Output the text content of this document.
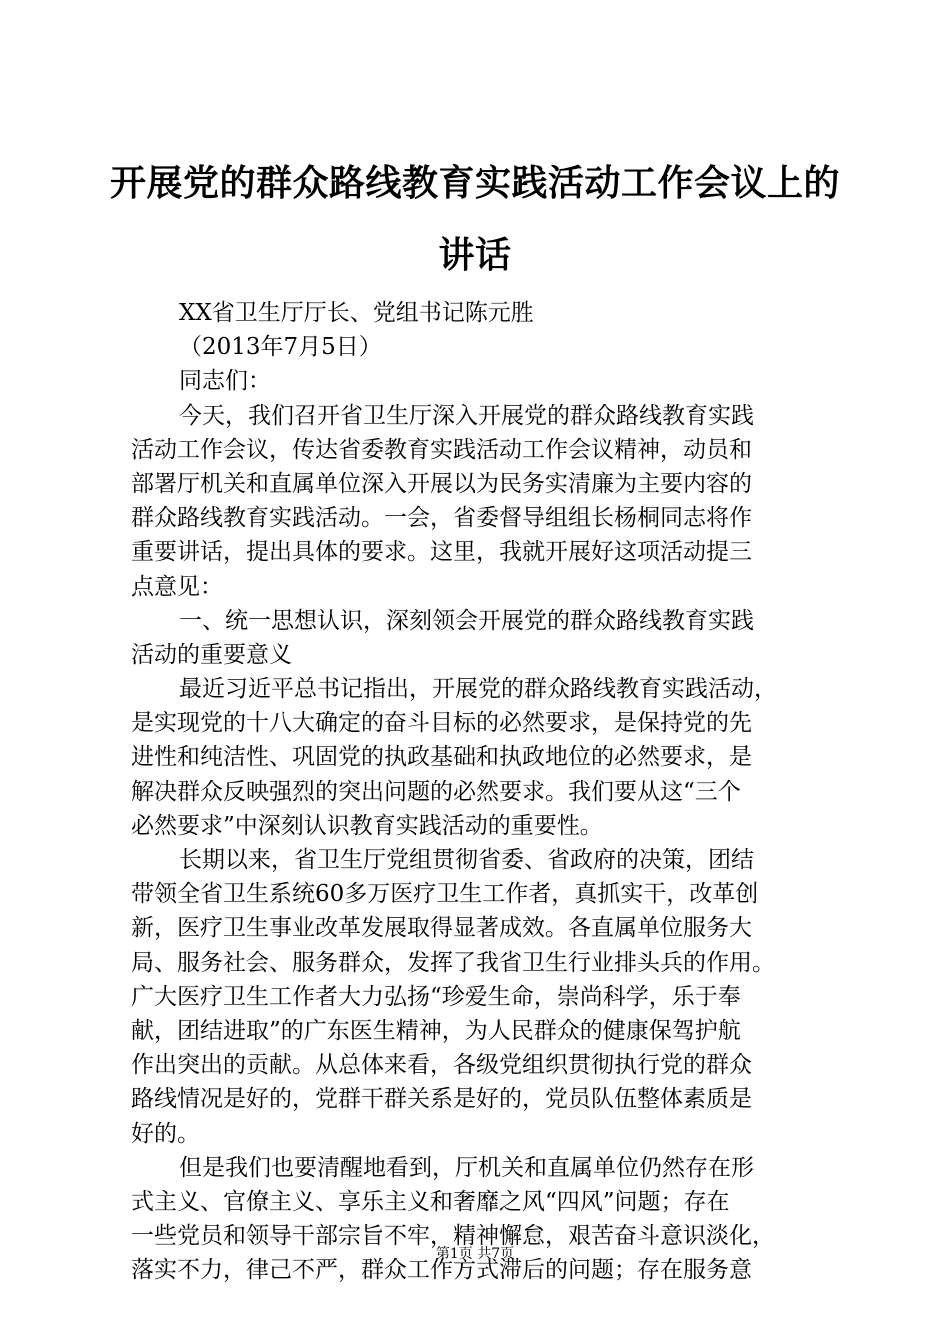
开展党的群众路线教育实践活动工作会议上的
讲话
XX省卫生厅厅长、党组书记陈元胜
（2013年7月5日）
同志们：
今天，我们召开省卫生厅深入开展党的群众路线教育实践
活动工作会议，传达省委教育实践活动工作会议精神，动员和
部署厅机关和直属单位深入开展以为民务实清廉为主要内容的
群众路线教育实践活动。一会，省委督导组组长杨桐同志将作
重要讲话，提出具体的要求。这里，我就开展好这项活动提三
点意见：
一、统一思想认识，深刻领会开展党的群众路线教育实践
活动的重要意义
最近习近平总书记指出，开展党的群众路线教育实践活动，
是实现党的十八大确定的奋斗目标的必然要求，是保持党的先
进性和纯洁性、巩固党的执政基础和执政地位的必然要求，是
解决群众反映强烈的突出问题的必然要求。我们要从这“三个
必然要求”中深刻认识教育实践活动的重要性。
长期以来，省卫生厅党组贯彻省委、省政府的决策，团结
带领全省卫生系统60多万医疗卫生工作者，真抓实干，改革创
新，医疗卫生事业改革发展取得显著成效。各直属单位服务大
局、服务社会、服务群众，发挥了我省卫生行业排头兵的作用。
广大医疗卫生工作者大力弘扬“珍爱生命，崇尚科学，乐于奉
献，团结进取”的广东医生精神，为人民群众的健康保驾护航
作出突出的贡献。从总体来看，各级党组织贯彻执行党的群众
路线情况是好的，党群干群关系是好的，党员队伍整体素质是
好的。
但是我们也要清醒地看到，厅机关和直属单位仍然存在形
式主义、官僚主义、享乐主义和奢靡之风“四风”问题；存在
一些党员和领导干部宗旨不牢，精神懈怠，艰苦奋斗意识淡化，
落实不力，律己不严，群众工作方式滞后的问题；存在服务意
第1页 共7页
